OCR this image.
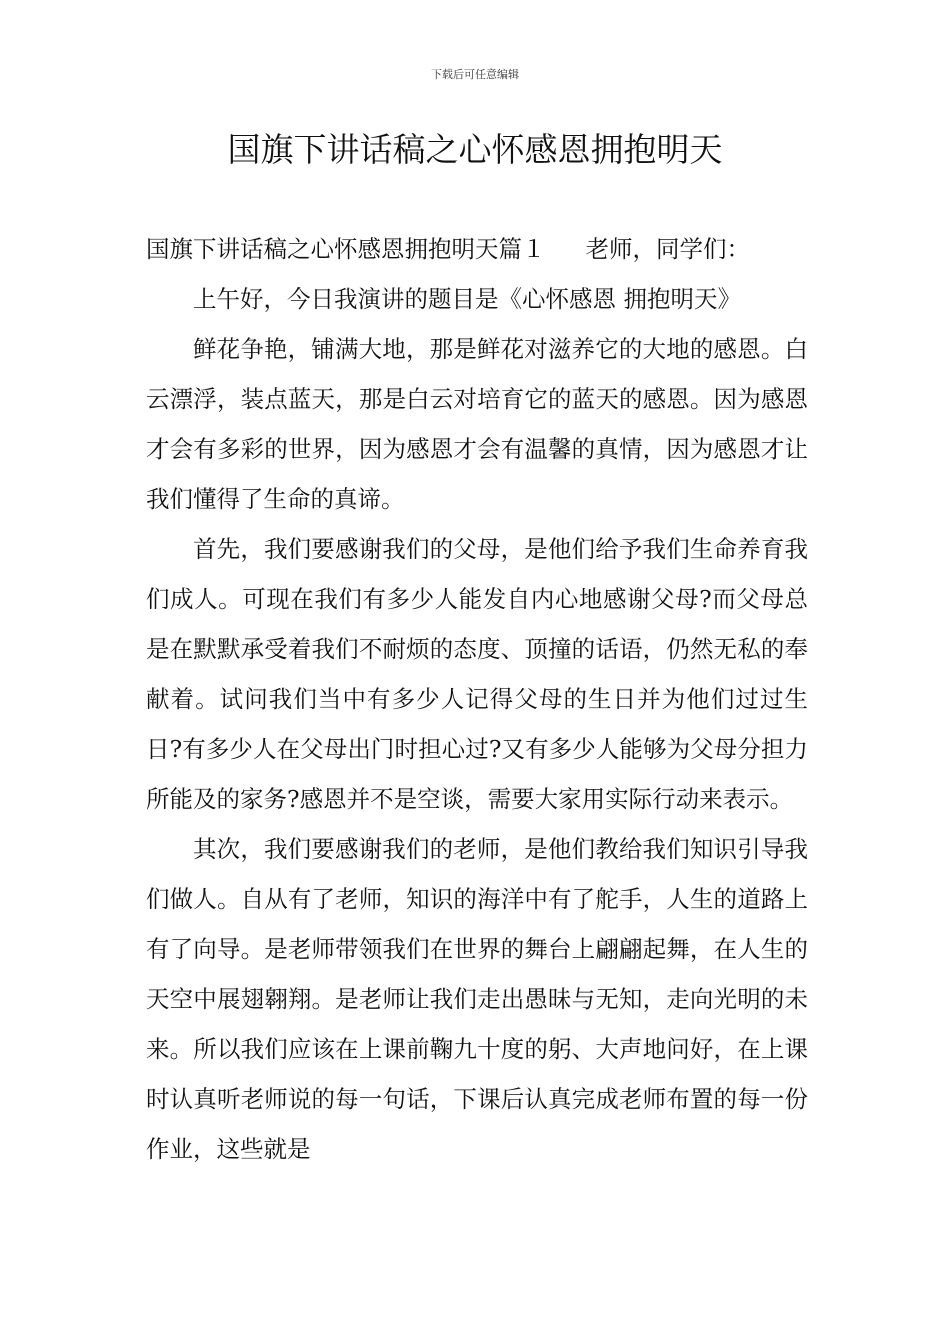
下载后可任意编辑
国旗下讲话稿之心怀感恩拥抱明天

国旗下讲话稿之心怀感恩拥抱明天篇１ 老师，同学们：

上午好，今日我演讲的题目是《心怀感恩 拥抱明天》

鲜花争艳，铺满大地，那是鲜花对滋养它的大地的感恩。白云漂浮，装点蓝天，那是白云对培育它的蓝天的感恩。因为感恩才会有多彩的世界，因为感恩才会有温馨的真情，因为感恩才让我们懂得了生命的真谛。

首先，我们要感谢我们的父母，是他们给予我们生命养育我们成人。可现在我们有多少人能发自内心地感谢父母?而父母总是在默默承受着我们不耐烦的态度、顶撞的话语，仍然无私的奉献着。试问我们当中有多少人记得父母的生日并为他们过过生日?有多少人在父母出门时担心过?又有多少人能够为父母分担力所能及的家务?感恩并不是空谈，需要大家用实际行动来表示。

其次，我们要感谢我们的老师，是他们教给我们知识引导我们做人。自从有了老师，知识的海洋中有了舵手，人生的道路上有了向导。是老师带领我们在世界的舞台上翩翩起舞，在人生的天空中展翅翱翔。是老师让我们走出愚昧与无知，走向光明的未来。所以我们应该在上课前鞠九十度的躬、大声地问好，在上课时认真听老师说的每一句话，下课后认真完成老师布置的每一份作业，这些就是
